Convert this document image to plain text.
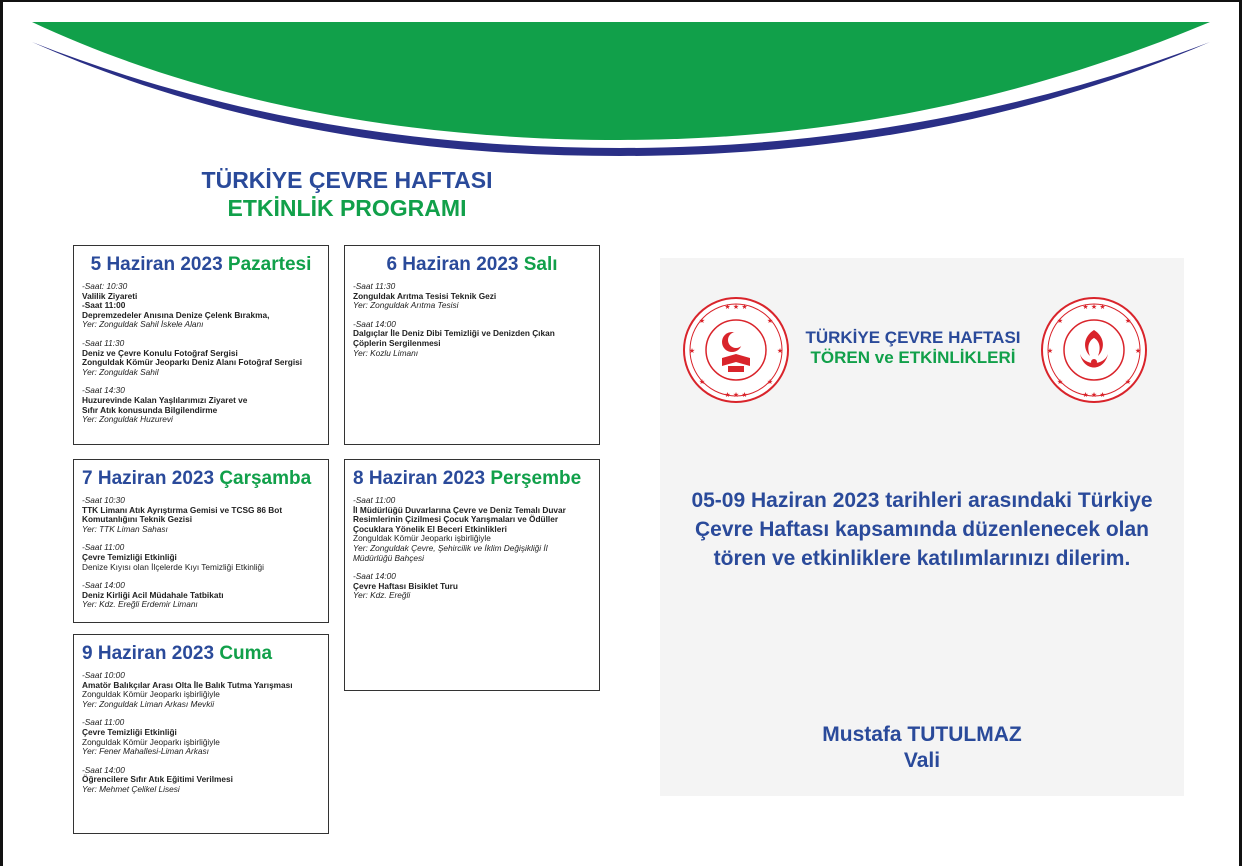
TÜRKİYE ÇEVRE HAFTASI
ETKİNLİK PROGRAMI
5 Haziran 2023 Pazartesi
-Saat: 10:30
Valilik Ziyareti
-Saat 11:00
Depremzedeler Anısına Denize Çelenk Bırakma,
Yer: Zonguldak Sahil İskele Alanı
-Saat 11:30
Deniz ve Çevre Konulu Fotoğraf Sergisi
Zonguldak Kömür Jeoparkı Deniz Alanı Fotoğraf Sergisi
Yer: Zonguldak Sahil
-Saat 14:30
Huzurevinde Kalan Yaşlılarımızı Ziyaret ve
Sıfır Atık konusunda Bilgilendirme
Yer: Zonguldak Huzurevi
6 Haziran 2023 Salı
-Saat 11:30
Zonguldak Arıtma Tesisi Teknik Gezi
Yer: Zonguldak Arıtma Tesisi
-Saat 14:00
Dalgıçlar İle Deniz Dibi Temizliği ve Denizden Çıkan
Çöplerin Sergilenmesi
Yer: Kozlu Limanı
7 Haziran 2023 Çarşamba
-Saat 10:30
TTK Limanı Atık Ayrıştırma Gemisi ve TCSG 86 Bot
Komutanlığını Teknik Gezisi
Yer: TTK Liman Sahası
-Saat 11:00
Çevre Temizliği Etkinliği
Denize Kıyısı olan İlçelerde Kıyı Temizliği Etkinliği
-Saat 14:00
Deniz Kirliği Acil Müdahale Tatbikatı
Yer: Kdz. Ereğli Erdemir Limanı
8 Haziran 2023 Perşembe
-Saat 11:00
İl Müdürlüğü Duvarlarına Çevre ve Deniz Temalı Duvar
Resimlerinin Çizilmesi Çocuk Yarışmaları ve Ödüller
Çocuklara Yönelik El Beceri Etkinlikleri
Zonguldak Kömür Jeoparkı işbirliğiyle
Yer: Zonguldak Çevre, Şehircilik ve İklim Değişikliği İl
Müdürlüğü Bahçesi
-Saat 14:00
Çevre Haftası Bisiklet Turu
Yer: Kdz. Ereğli
9 Haziran 2023 Cuma
-Saat 10:00
Amatör Balıkçılar Arası Olta İle Balık Tutma Yarışması
Zonguldak Kömür Jeoparkı işbirliğiyle
Yer: Zonguldak Liman Arkası Mevkii
-Saat 11:00
Çevre Temizliği Etkinliği
Zonguldak Kömür Jeoparkı işbirliğiyle
Yer: Fener Mahallesi-Liman Arkası
-Saat 14:00
Öğrencilere Sıfır Atık Eğitimi Verilmesi
Yer: Mehmet Çelikel Lisesi
★ ★ ★
★ ★ ★
★	★
★	★
★	★
TÜRKİYE ÇEVRE HAFTASI
TÖREN ve ETKİNLİKLERİ
★ ★ ★
★ ★ ★
★	★
★	★
★	★
05-09 Haziran 2023 tarihleri arasındaki Türkiye Çevre Haftası kapsamında düzenlenecek olan tören ve etkinliklere katılımlarınızı dilerim.
Mustafa TUTULMAZ
Vali
